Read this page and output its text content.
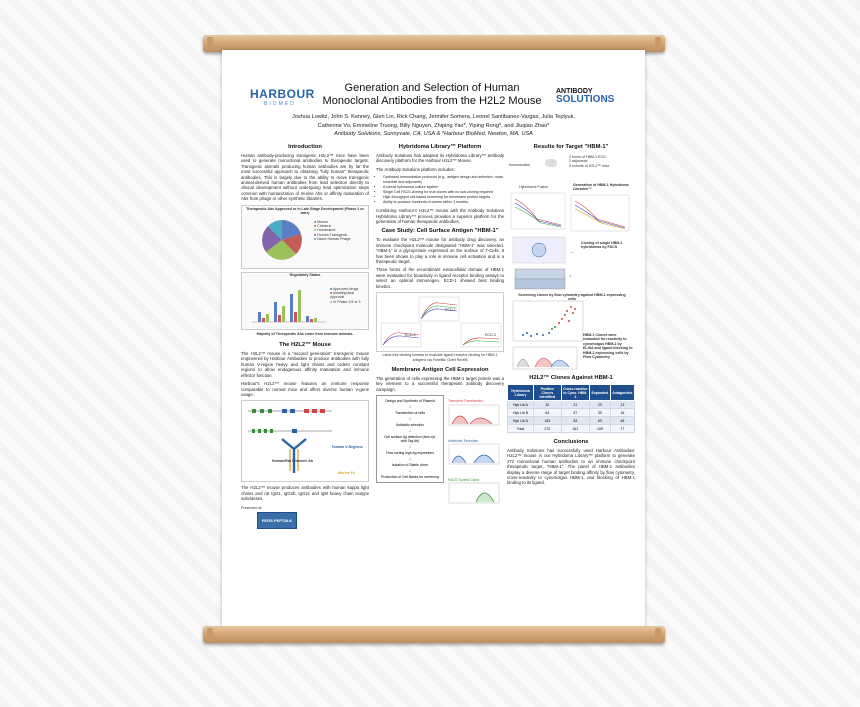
HARBOUR
BIOMED
Generation and Selection of Human
Monoclonal Antibodies from the H2L2 Mouse
ANTIBODY
SOLUTIONS
Joshua Lowitz, John S. Kenney, Glen Lin, Rick Chang, Jennifer Somera, Leonel Santibanez-Vargas, Julia Teplyuk,
Catherine Vo, Emmeline Truong, Billy Nguyen, Zhiping Yao*, Yiping Rong*, and Jiuqiao Zhao*
Antibody Solutions, Sunnyvale, CA, USA & *Harbour BioMed, Newton, MA, USA
Introduction
Human antibody-producing transgenic H2L2™ mice have been used to generate monoclonal antibodies to therapeutic targets. Transgenic animals producing human antibodies are by far the most successful approach to obtaining "fully human" therapeutic antibodies. This is largely due to the ability to move transgenic animal-derived human antibodies from lead selection directly to clinical development without undergoing lead optimization steps common with humanization of murine Abs or affinity maturation of Abs from phage or other synthetic libraries.
Therapeutic Abs Approved or in Late-Stage Development (Phase 2 or later)
■ Murine
■ Chimeric
■ Humanized
■ Human Transgenic
■ Naïve Human Phage
Regulatory Status
■ Approved drugs
■ Awaiting final Approval
■ In Phase 2/3 or 3
Majority of Therapeutic Abs come from immune animals.
The H2L2™ Mouse
The H2L2™ mouse is a "second generation" transgenic mouse engineered by Harbour Antibodies to produce antibodies with fully human V-region heavy and light chains and rodent constant regions to allow endogenous affinity maturation and immune effector function.
Harbour's H2L2™ mouse features an immune response comparable to normal mice and offers diverse human V-gene usage.
Human/Rat Chimeric Ab
Human V-Regions
Murine Fc
The H2L2™ mouse produces antibodies with human kappa light chains and rat IgG1, IgG2b, IgG2c and IgM heavy chain isotype subclasses.
Presented at:
PEGS PEPTALK
Hybridoma Library™ Platform
Antibody Solutions has adapted its Hybridoma Library™ antibody discovery platform for the Harbour H2L2™ Mouse.
The Antibody Solutions platform includes:
• Optimized immunization protocols (e.g., antigen design and selection, route, schedule and adjuvants)
• A robust hybridoma culture system
• Single Cell FACS-cloning for true clones with no sub-cloning required
• High-throughput cell-based screening for membrane protein targets
• Ability to produce hundreds of clones within 3 months.
Combining Harbour's H2L2™ mouse with the Antibody Solutions Hybridoma Library™ process provides a superior platform for the generation of human therapeutic antibodies.
Case Study: Cell Surface Antigen "HBM-1"
To evaluate the H2L2™ mouse for antibody drug discovery, an immune checkpoint molecule designated "HBM-1" was selected. "HBM-1" is a glycoprotein expressed on the surface of T-Cells. It has been shown to play a role in immune cell activation and is a therapeutic target.
Three forms of the recombinant extracellular domain of HBM-1 were evaluated for bioactivity in ligand receptor binding assays to select an optimal immunogen. ECD-1 showed best binding kinetics.
ECD-1
ECD-2	ECD-3
Label-free binding kinetics to evaluate ligand receptor binding for HBM-1 antigens via ForteBio Octet Red96
Membrane Antigen Cell Expression
The generation of cells expressing the HBM-1 target protein was a key element to a successful therapeutic antibody discovery campaign.
Design and Synthesis of Plasmid
↓
Transfection of cells
↓
Antibiotic selection
↓
Cell surface Ag detection (flow cyt. with Tag Ab)
↓
Flow sorting high Ag expressers
↓
Isolation of Stable clone
↓
Production of Cell Banks for screening
Transient Transfection
Antibiotic Selection
FACS Sorted Clone
Results for Target "HBM-1"
Immunization
2 forms of HBM-1 ECD
2 adjuvants
4 cohorts of H2L2™ mice
Hybridoma Fusion	Generation of HBM-1 Hybridoma Libraries™
→
↓
Cloning of single HBM-1 hybridomas by FACS
Screening clones by flow cytometry against HBM-1 expressing cells
HBM-1 Clones were evaluated for reactivity to cynomolgus HBM-1 by ELISA and ligand blocking to HBM-1 expressing cells by Flow Cytometry
H2L2™ Clones Against HBM-1
Hybridoma Library	Positive Clones Identified	Cross-reactive to Cyno. HBM-1	Expanded	Antagonists
Hyb Lib A	20	21	20	13
Hyb Lib B	64	57	30	16
Hyb Lib D	183	83	60	48
Total	272	161	105	77
Conclusions
Antibody Solutions has successfully used Harbour Antibodies' H2L2™ mouse in our Hybridoma Library™ platform to generate 272 monoclonal human antibodies to an immune checkpoint therapeutic target, "HBM-1". The panel of HBM-1 antibodies display a diverse range of target binding affinity by flow cytometry, cross-reactivity to cynomolgus HBM-1, and blocking of HBM-1 binding to its ligand.
